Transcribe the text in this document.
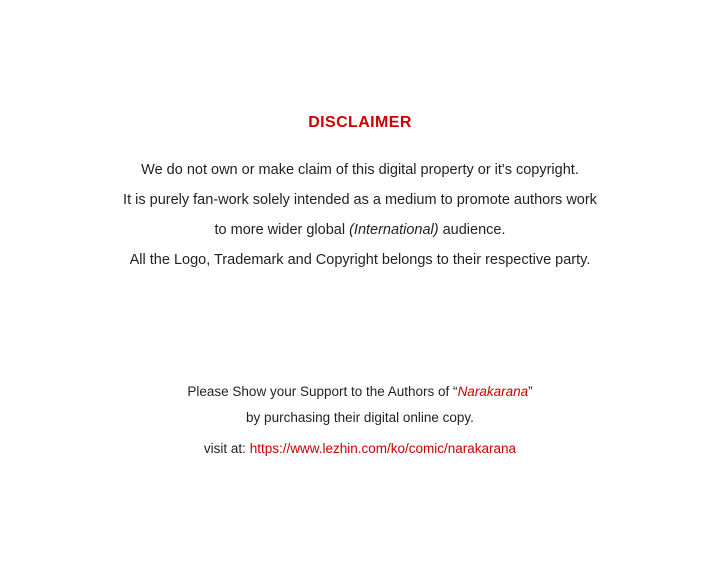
DISCLAIMER
We do not own or make claim of this digital property or it's copyright.
It is purely fan-work solely intended as a medium to promote authors work
to more wider global (International) audience.
All the Logo, Trademark and Copyright belongs to their respective party.
Please Show your Support to the Authors of “Narakarana”
by purchasing their digital online copy.
visit at: https://www.lezhin.com/ko/comic/narakarana
